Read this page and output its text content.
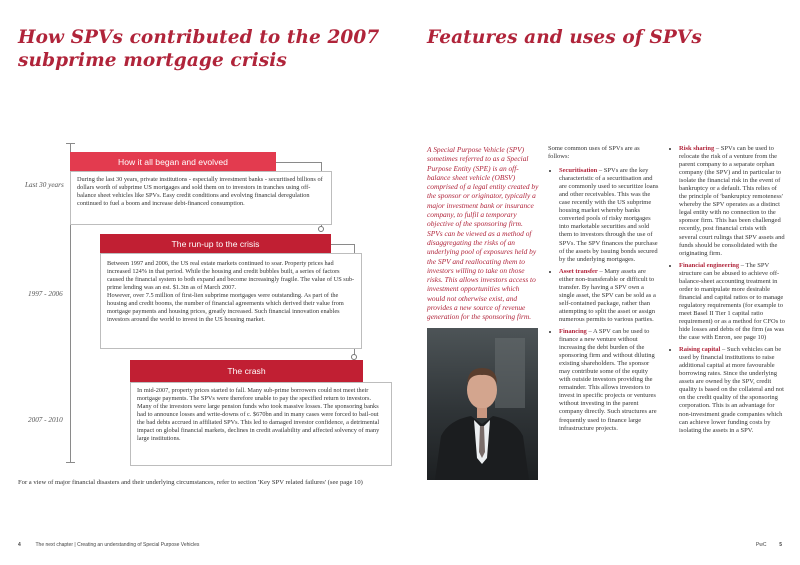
How SPVs contributed to the 2007
subprime mortgage crisis
Last 30 years
1997 - 2006
2007 - 2010
How it all began and evolved

During the last 30 years, private institutions - especially investment banks - securitised billions of dollars worth of subprime US mortgages and sold them on to investors in tranches using off-balance sheet vehicles like SPVs. Easy credit conditions and evolving financial deregulation continued to fuel a boom and increase debt-financed consumption.

The run-up to the crisis

Between 1997 and 2006, the US real estate markets continued to soar. Property prices had increased 124% in that period. While the housing and credit bubbles built, a series of factors caused the financial system to both expand and become increasingly fragile. The value of US sub-prime lending was an est. $1.3tn as of March 2007.

However, over 7.5 million of first-lien subprime mortgages were outstanding. As part of the housing and credit booms, the number of financial agreements which derived their value from mortgage payments and housing prices, greatly increased. Such financial innovation enables investors around the world to invest in the US housing market.

The crash

In mid-2007, property prices started to fall. Many sub-prime borrowers could not meet their mortgage payments. The SPVs were therefore unable to pay the specified return to investors.

Many of the investors were large pension funds who took massive losses. The sponsoring banks had to announce losses and write-downs of c. $670bn and in many cases were forced to bail-out the bad debts accrued in affiliated SPVs. This led to damaged investor confidence, a detrimental impact on global financial markets, declines in credit availability and affected solvency of many large institutions.

For a view of major financial disasters and their underlying circumstances, refer to section 'Key SPV related failures' (see page 10)
4	The next chapter | Creating an understanding of Special Purpose Vehicles
Features and uses of SPVs
A Special Purpose Vehicle (SPV) sometimes referred to as a Special Purpose Entity (SPE) is an off-balance sheet vehicle (OBSV) comprised of a legal entity created by the sponsor or originator, typically a major investment bank or insurance company, to fulfil a temporary objective of the sponsoring firm. SPVs can be viewed as a method of disaggregating the risks of an underlying pool of exposures held by the SPV and reallocating them to investors willing to take on those risks. This allows investors access to investment opportunities which would not otherwise exist, and provides a new source of revenue generation for the sponsoring firm.
Some common uses of SPVs are as follows:
• Securitisation – SPVs are the key characteristic of a securitisation and are commonly used to securitize loans and other receivables. This was the case recently with the US subprime housing market whereby banks converted pools of risky mortgages into marketable securities and sold them to investors through the use of SPVs. The SPV finances the purchase of the assets by issuing bonds secured by the underlying mortgages.
• Asset transfer – Many assets are either non-transferable or difficult to transfer. By having a SPV own a single asset, the SPV can be sold as a self-contained package, rather than attempting to split the asset or assign numerous permits to various parties.
• Financing – A SPV can be used to finance a new venture without increasing the debt burden of the sponsoring firm and without diluting existing shareholders. The sponsor may contribute some of the equity with outside investors providing the remainder. This allows investors to invest in specific projects or ventures without investing in the parent company directly. Such structures are frequently used to finance large infrastructure projects.
• Risk sharing – SPVs can be used to relocate the risk of a venture from the parent company to a separate orphan company (the SPV) and in particular to isolate the financial risk in the event of bankruptcy or a default. This relies of the principle of 'bankruptcy remoteness' whereby the SPV operates as a distinct legal entity with no connection to the sponsor firm. This has been challenged recently, post financial crisis with several court rulings that SPV assets and funds should be consolidated with the originating firm.
• Financial engineering – The SPV structure can be abused to achieve off-balance-sheet accounting treatment in order to manipulate more desirable financial and capital ratios or to manage regulatory requirements (for example to meet Basel II Tier 1 capital ratio requirement) or as a method for CFOs to hide losses and debts of the firm (as was the case with Enron, see page 10)
• Raising capital – Such vehicles can be used by financial institutions to raise additional capital at more favourable borrowing rates. Since the underlying assets are owned by the SPV, credit quality is based on the collateral and not on the credit quality of the sponsoring corporation. This is an advantage for non-investment grade companies which can achieve lower funding costs by isolating the assets in a SPV.
PwC	5
